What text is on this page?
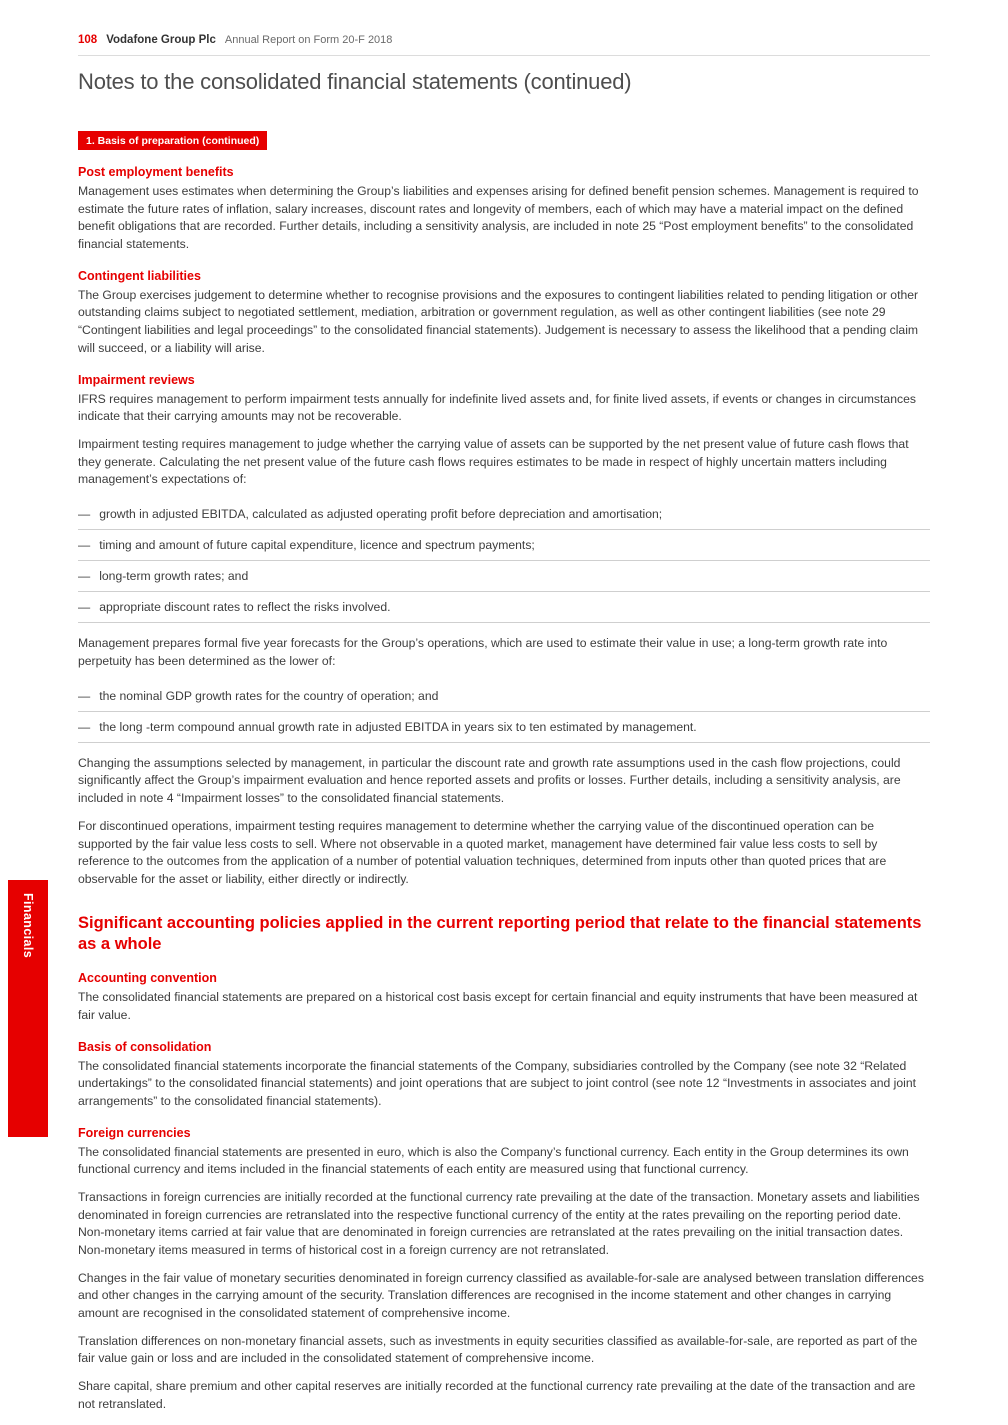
Financials
108 Vodafone Group Plc Annual Report on Form 20-F 2018
Notes to the consolidated financial statements (continued)
1. Basis of preparation (continued)
Post employment benefits

Management uses estimates when determining the Group’s liabilities and expenses arising for defined benefit pension schemes. Management is required to estimate the future rates of inflation, salary increases, discount rates and longevity of members, each of which may have a material impact on the defined benefit obligations that are recorded. Further details, including a sensitivity analysis, are included in note 25 “Post employment benefits” to the consolidated financial statements.

Contingent liabilities

The Group exercises judgement to determine whether to recognise provisions and the exposures to contingent liabilities related to pending litigation or other outstanding claims subject to negotiated settlement, mediation, arbitration or government regulation, as well as other contingent liabilities (see note 29 “Contingent liabilities and legal proceedings” to the consolidated financial statements). Judgement is necessary to assess the likelihood that a pending claim will succeed, or a liability will arise.

Impairment reviews

IFRS requires management to perform impairment tests annually for indefinite lived assets and, for finite lived assets, if events or changes in circumstances indicate that their carrying amounts may not be recoverable.

Impairment testing requires management to judge whether the carrying value of assets can be supported by the net present value of future cash flows that they generate. Calculating the net present value of the future cash flows requires estimates to be made in respect of highly uncertain matters including management’s expectations of:

— growth in adjusted EBITDA, calculated as adjusted operating profit before depreciation and amortisation;
— timing and amount of future capital expenditure, licence and spectrum payments;
— long-term growth rates; and
— appropriate discount rates to reflect the risks involved.

Management prepares formal five year forecasts for the Group’s operations, which are used to estimate their value in use; a long-term growth rate into perpetuity has been determined as the lower of:

— the nominal GDP growth rates for the country of operation; and
— the long -term compound annual growth rate in adjusted EBITDA in years six to ten estimated by management.

Changing the assumptions selected by management, in particular the discount rate and growth rate assumptions used in the cash flow projections, could significantly affect the Group’s impairment evaluation and hence reported assets and profits or losses. Further details, including a sensitivity analysis, are included in note 4 “Impairment losses” to the consolidated financial statements.

For discontinued operations, impairment testing requires management to determine whether the carrying value of the discontinued operation can be supported by the fair value less costs to sell. Where not observable in a quoted market, management have determined fair value less costs to sell by reference to the outcomes from the application of a number of potential valuation techniques, determined from inputs other than quoted prices that are observable for the asset or liability, either directly or indirectly.

Significant accounting policies applied in the current reporting period that relate to the financial statements as a whole
Accounting convention

The consolidated financial statements are prepared on a historical cost basis except for certain financial and equity instruments that have been measured at fair value.

Basis of consolidation

The consolidated financial statements incorporate the financial statements of the Company, subsidiaries controlled by the Company (see note 32 “Related undertakings” to the consolidated financial statements) and joint operations that are subject to joint control (see note 12 “Investments in associates and joint arrangements” to the consolidated financial statements).

Foreign currencies

The consolidated financial statements are presented in euro, which is also the Company’s functional currency. Each entity in the Group determines its own functional currency and items included in the financial statements of each entity are measured using that functional currency.

Transactions in foreign currencies are initially recorded at the functional currency rate prevailing at the date of the transaction. Monetary assets and liabilities denominated in foreign currencies are retranslated into the respective functional currency of the entity at the rates prevailing on the reporting period date. Non-monetary items carried at fair value that are denominated in foreign currencies are retranslated at the rates prevailing on the initial transaction dates. Non-monetary items measured in terms of historical cost in a foreign currency are not retranslated.

Changes in the fair value of monetary securities denominated in foreign currency classified as available-for-sale are analysed between translation differences and other changes in the carrying amount of the security. Translation differences are recognised in the income statement and other changes in carrying amount are recognised in the consolidated statement of comprehensive income.

Translation differences on non-monetary financial assets, such as investments in equity securities classified as available-for-sale, are reported as part of the fair value gain or loss and are included in the consolidated statement of comprehensive income.

Share capital, share premium and other capital reserves are initially recorded at the functional currency rate prevailing at the date of the transaction and are not retranslated.
